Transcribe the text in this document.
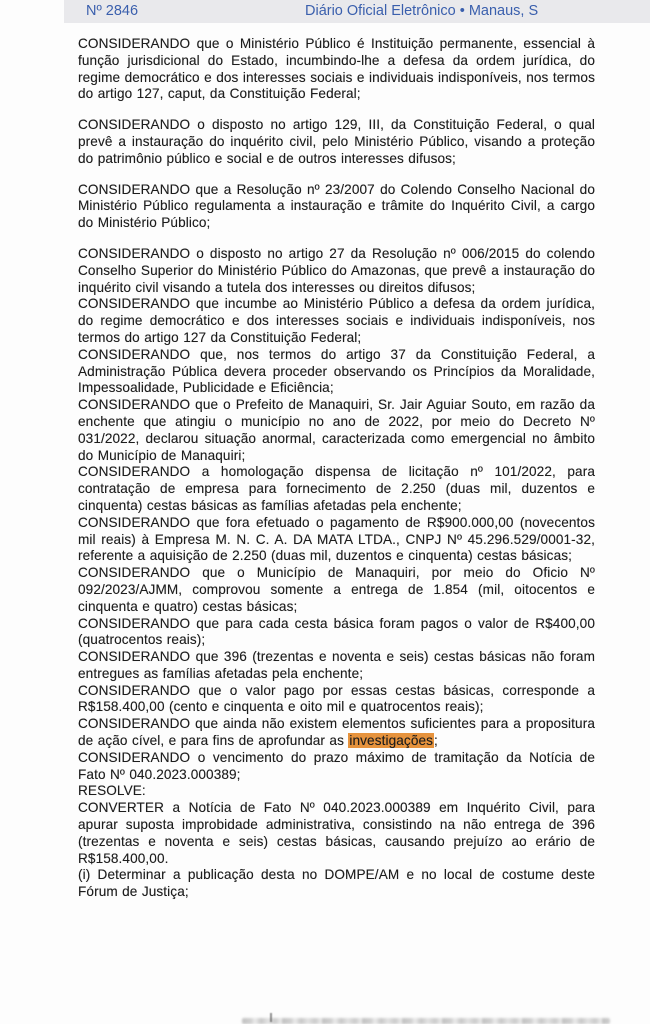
Nº 2846	Diário Oficial Eletrônico • Manaus, S

CONSIDERANDO que o Ministério Público é Instituição permanente, essencial à função jurisdicional do Estado, incumbindo-lhe a defesa da ordem jurídica, do regime democrático e dos interesses sociais e individuais indisponíveis, nos termos do artigo 127, caput, da Constituição Federal;

CONSIDERANDO o disposto no artigo 129, III, da Constituição Federal, o qual prevê a instauração do inquérito civil, pelo Ministério Público, visando a proteção do patrimônio público e social e de outros interesses difusos;

CONSIDERANDO que a Resolução nº 23/2007 do Colendo Conselho Nacional do Ministério Público regulamenta a instauração e trâmite do Inquérito Civil, a cargo do Ministério Público;

CONSIDERANDO o disposto no artigo 27 da Resolução nº 006/2015 do colendo Conselho Superior do Ministério Público do Amazonas, que prevê a instauração do inquérito civil visando a tutela dos interesses ou direitos difusos;

CONSIDERANDO que incumbe ao Ministério Público a defesa da ordem jurídica, do regime democrático e dos interesses sociais e individuais indisponíveis, nos termos do artigo 127 da Constituição Federal;

CONSIDERANDO que, nos termos do artigo 37 da Constituição Federal, a Administração Pública devera proceder observando os Princípios da Moralidade, Impessoalidade, Publicidade e Eficiência;

CONSIDERANDO que o Prefeito de Manaquiri, Sr. Jair Aguiar Souto, em razão da enchente que atingiu o município no ano de 2022, por meio do Decreto Nº 031/2022, declarou situação anormal, caracterizada como emergencial no âmbito do Município de Manaquiri;

CONSIDERANDO a homologação dispensa de licitação nº 101/2022, para contratação de empresa para fornecimento de 2.250 (duas mil, duzentos e cinquenta) cestas básicas as famílias afetadas pela enchente;

CONSIDERANDO que fora efetuado o pagamento de R$900.000,00 (novecentos mil reais) à Empresa M. N. C. A. DA MATA LTDA., CNPJ Nº 45.296.529/0001-32, referente a aquisição de 2.250 (duas mil, duzentos e cinquenta) cestas básicas;

CONSIDERANDO que o Município de Manaquiri, por meio do Oficio Nº 092/2023/AJMM, comprovou somente a entrega de 1.854 (mil, oitocentos e cinquenta e quatro) cestas básicas;

CONSIDERANDO que para cada cesta básica foram pagos o valor de R$400,00 (quatrocentos reais);

CONSIDERANDO que 396 (trezentas e noventa e seis) cestas básicas não foram entregues as famílias afetadas pela enchente;

CONSIDERANDO que o valor pago por essas cestas básicas, corresponde a R$158.400,00 (cento e cinquenta e oito mil e quatrocentos reais);

CONSIDERANDO que ainda não existem elementos suficientes para a propositura de ação cível, e para fins de aprofundar as investigações;

CONSIDERANDO o vencimento do prazo máximo de tramitação da Notícia de Fato Nº 040.2023.000389;

RESOLVE:

CONVERTER a Notícia de Fato Nº 040.2023.000389 em Inquérito Civil, para apurar suposta improbidade administrativa, consistindo na não entrega de 396 (trezentas e noventa e seis) cestas básicas, causando prejuízo ao erário de R$158.400,00.

(i) Determinar a publicação desta no DOMPE/AM e no local de costume deste Fórum de Justiça;
